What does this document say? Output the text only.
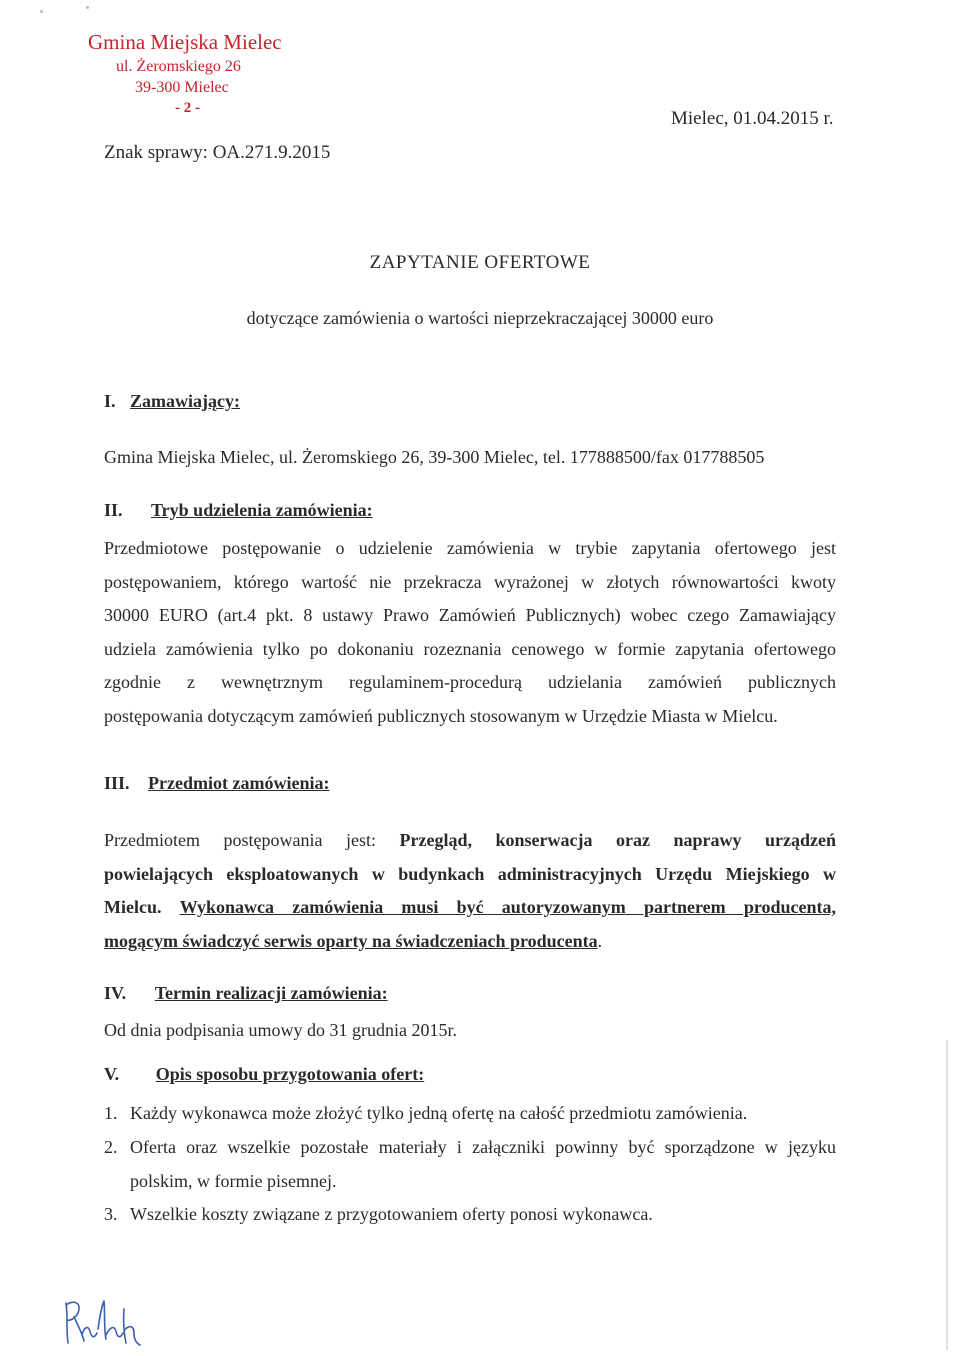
Gmina Miejska Mielec
ul. Żeromskiego 26
39-300 Mielec
- 2 -	Mielec, 01.04.2015 r.
Znak sprawy: OA.271.9.2015
ZAPYTANIE OFERTOWE
dotyczące zamówienia o wartości nieprzekraczającej 30000 euro
I. Zamawiający:
Gmina Miejska Mielec, ul. Żeromskiego 26, 39-300 Mielec, tel. 177888500/fax 017788505
II. Tryb udzielenia zamówienia:
Przedmiotowe postępowanie o udzielenie zamówienia w trybie zapytania ofertowego jest
postępowaniem, którego wartość nie przekracza wyrażonej w złotych równowartości kwoty
30000 EURO (art.4 pkt. 8 ustawy Prawo Zamówień Publicznych) wobec czego Zamawiający
udziela zamówienia tylko po dokonaniu rozeznania cenowego w formie zapytania ofertowego
zgodnie z wewnętrznym regulaminem-procedurą udzielania zamówień publicznych
postępowania dotyczącym zamówień publicznych stosowanym w Urzędzie Miasta w Mielcu.
III. Przedmiot zamówienia:
Przedmiotem postępowania jest: Przegląd, konserwacja oraz naprawy urządzeń
powielających eksploatowanych w budynkach administracyjnych Urzędu Miejskiego w
Mielcu. Wykonawca zamówienia musi być autoryzowanym partnerem producenta,
mogącym świadczyć serwis oparty na świadczeniach producenta.
IV. Termin realizacji zamówienia:
Od dnia podpisania umowy do 31 grudnia 2015r.
V. Opis sposobu przygotowania ofert:
1. Każdy wykonawca może złożyć tylko jedną ofertę na całość przedmiotu zamówienia.
2. Oferta oraz wszelkie pozostałe materiały i załączniki powinny być sporządzone w języku
polskim, w formie pisemnej.
3. Wszelkie koszty związane z przygotowaniem oferty ponosi wykonawca.
